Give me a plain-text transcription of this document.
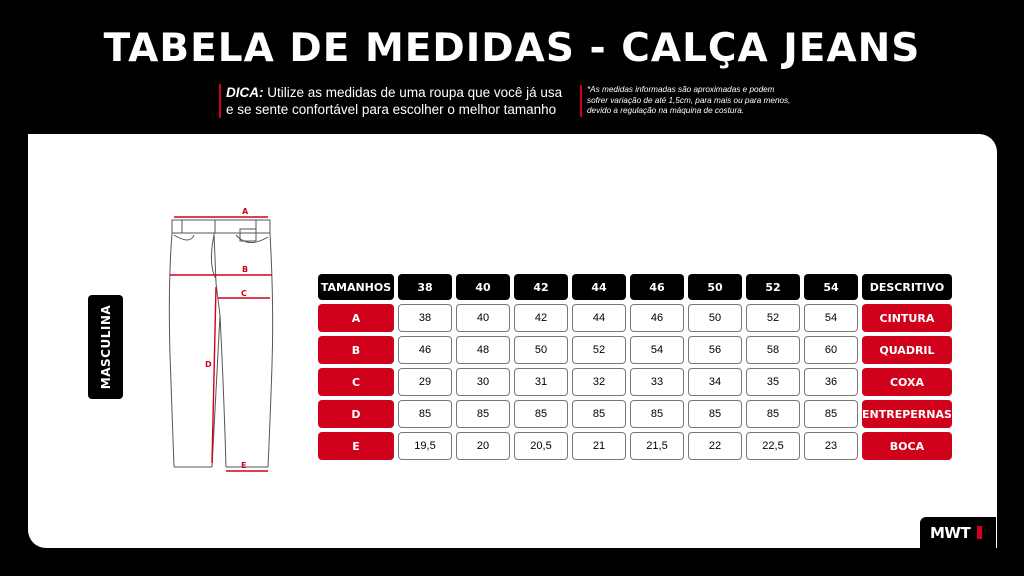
TABELA DE MEDIDAS - CALÇA JEANS
DICA: Utilize as medidas de uma roupa que você já usa
e se sente confortável para escolher o melhor tamanho
*As medidas informadas são aproximadas e podem
sofrer variação de até 1,5cm, para mais ou para menos,
devido a regulação na máquina de costura.
MASCULINA
A
B
C
D
E
TAMANHOS	38	40	42	44	46	50	52	54	DESCRITIVO
A	38	40	42	44	46	50	52	54	CINTURA
B	46	48	50	52	54	56	58	60	QUADRIL
C	29	30	31	32	33	34	35	36	COXA
D	85	85	85	85	85	85	85	85	ENTREPERNAS
E	19,5	20	20,5	21	21,5	22	22,5	23	BOCA
MWT
